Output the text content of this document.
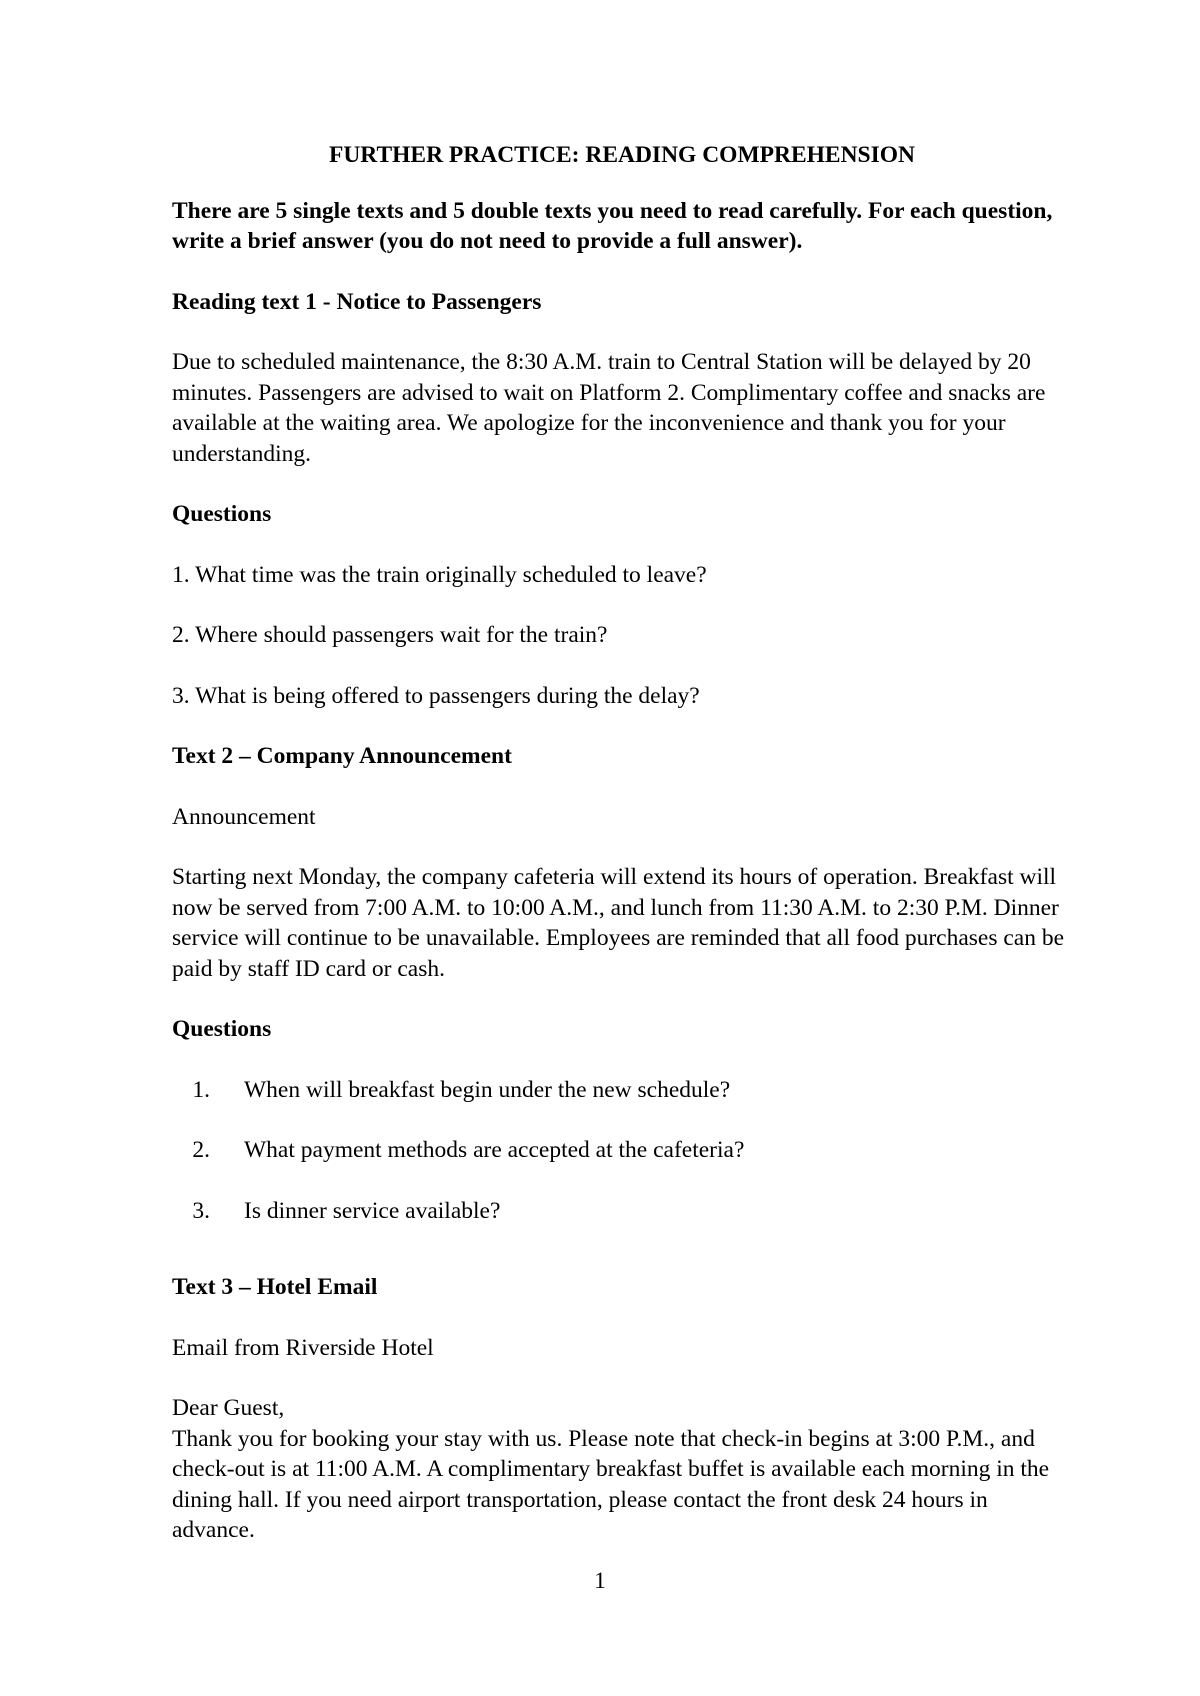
FURTHER PRACTICE: READING COMPREHENSION

There are 5 single texts and 5 double texts you need to read carefully. For each question, write a brief answer (you do not need to provide a full answer).

Reading text 1 - Notice to Passengers

Due to scheduled maintenance, the 8:30 A.M. train to Central Station will be delayed by 20 minutes. Passengers are advised to wait on Platform 2. Complimentary coffee and snacks are available at the waiting area. We apologize for the inconvenience and thank you for your understanding.

Questions

1. What time was the train originally scheduled to leave?
2. Where should passengers wait for the train?
3. What is being offered to passengers during the delay?

Text 2 – Company Announcement

Announcement

Starting next Monday, the company cafeteria will extend its hours of operation. Breakfast will now be served from 7:00 A.M. to 10:00 A.M., and lunch from 11:30 A.M. to 2:30 P.M. Dinner service will continue to be unavailable. Employees are reminded that all food purchases can be paid by staff ID card or cash.

Questions

1.	When will breakfast begin under the new schedule?
2.	What payment methods are accepted at the cafeteria?
3.	Is dinner service available?

Text 3 – Hotel Email

Email from Riverside Hotel

Dear Guest,

Thank you for booking your stay with us. Please note that check-in begins at 3:00 P.M., and check-out is at 11:00 A.M. A complimentary breakfast buffet is available each morning in the dining hall. If you need airport transportation, please contact the front desk 24 hours in advance.

1
